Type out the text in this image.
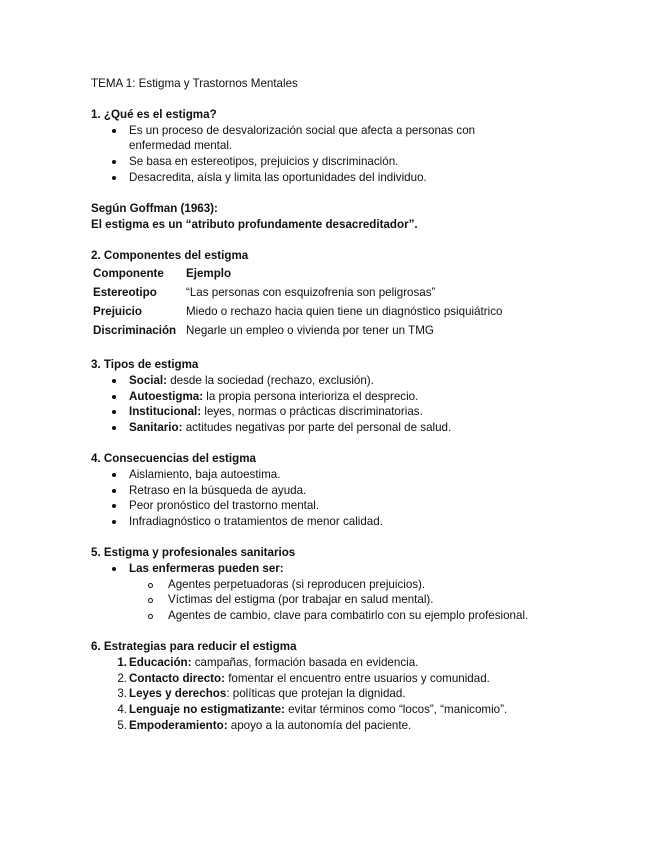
TEMA 1: Estigma y Trastornos Mentales
1. ¿Qué es el estigma?
Es un proceso de desvalorización social que afecta a personas con
enfermedad mental.
Se basa en estereotipos, prejuicios y discriminación.
Desacredita, aísla y limita las oportunidades del individuo.
Según Goffman (1963):
El estigma es un “atributo profundamente desacreditador”.
2. Componentes del estigma
Componente Ejemplo
Estereotipo	“Las personas con esquizofrenia son peligrosas”
Prejuicio	Miedo o rechazo hacia quien tiene un diagnóstico psiquiátrico
Discriminación Negarle un empleo o vivienda por tener un TMG
3. Tipos de estigma
Social: desde la sociedad (rechazo, exclusión).
Autoestigma: la propia persona interioriza el desprecio.
Institucional: leyes, normas o prácticas discriminatorias.
Sanitario: actitudes negativas por parte del personal de salud.
4. Consecuencias del estigma
Aislamiento, baja autoestima.
Retraso en la búsqueda de ayuda.
Peor pronóstico del trastorno mental.
Infradiagnóstico o tratamientos de menor calidad.
5. Estigma y profesionales sanitarios
Las enfermeras pueden ser:
Agentes perpetuadoras (si reproducen prejuicios).
Víctimas del estigma (por trabajar en salud mental).
Agentes de cambio, clave para combatirlo con su ejemplo profesional.
6. Estrategias para reducir el estigma
1. Educación: campañas, formación basada en evidencia.
2. Contacto directo: fomentar el encuentro entre usuarios y comunidad.
3. Leyes y derechos: políticas que protejan la dignidad.
4. Lenguaje no estigmatizante: evitar términos como “locos”, “manicomio”.
5. Empoderamiento: apoyo a la autonomía del paciente.
